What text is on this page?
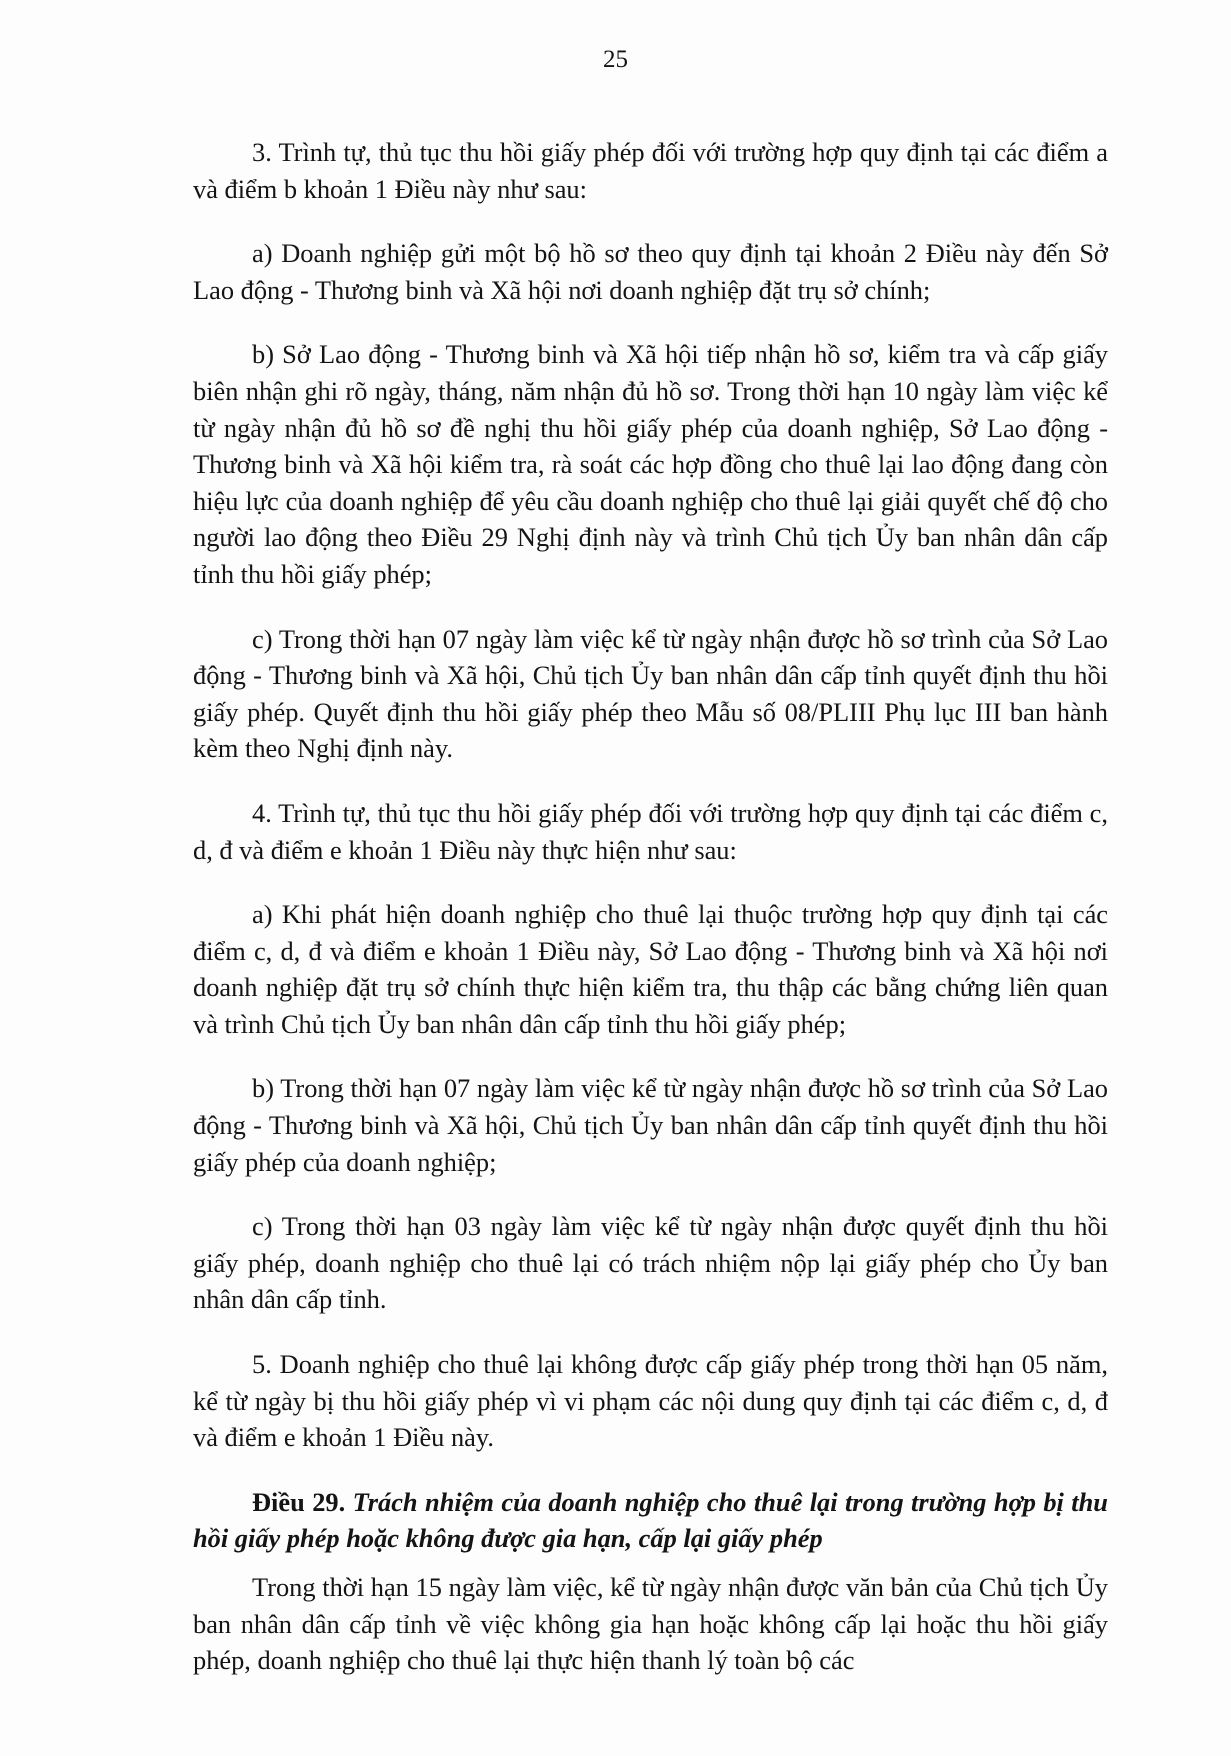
25

3. Trình tự, thủ tục thu hồi giấy phép đối với trường hợp quy định tại các điểm a và điểm b khoản 1 Điều này như sau:

a) Doanh nghiệp gửi một bộ hồ sơ theo quy định tại khoản 2 Điều này đến Sở Lao động - Thương binh và Xã hội nơi doanh nghiệp đặt trụ sở chính;

b) Sở Lao động - Thương binh và Xã hội tiếp nhận hồ sơ, kiểm tra và cấp giấy biên nhận ghi rõ ngày, tháng, năm nhận đủ hồ sơ. Trong thời hạn 10 ngày làm việc kể từ ngày nhận đủ hồ sơ đề nghị thu hồi giấy phép của doanh nghiệp, Sở Lao động - Thương binh và Xã hội kiểm tra, rà soát các hợp đồng cho thuê lại lao động đang còn hiệu lực của doanh nghiệp để yêu cầu doanh nghiệp cho thuê lại giải quyết chế độ cho người lao động theo Điều 29 Nghị định này và trình Chủ tịch Ủy ban nhân dân cấp tỉnh thu hồi giấy phép;

c) Trong thời hạn 07 ngày làm việc kể từ ngày nhận được hồ sơ trình của Sở Lao động - Thương binh và Xã hội, Chủ tịch Ủy ban nhân dân cấp tỉnh quyết định thu hồi giấy phép. Quyết định thu hồi giấy phép theo Mẫu số 08/PLIII Phụ lục III ban hành kèm theo Nghị định này.

4. Trình tự, thủ tục thu hồi giấy phép đối với trường hợp quy định tại các điểm c, d, đ và điểm e khoản 1 Điều này thực hiện như sau:

a) Khi phát hiện doanh nghiệp cho thuê lại thuộc trường hợp quy định tại các điểm c, d, đ và điểm e khoản 1 Điều này, Sở Lao động - Thương binh và Xã hội nơi doanh nghiệp đặt trụ sở chính thực hiện kiểm tra, thu thập các bằng chứng liên quan và trình Chủ tịch Ủy ban nhân dân cấp tỉnh thu hồi giấy phép;

b) Trong thời hạn 07 ngày làm việc kể từ ngày nhận được hồ sơ trình của Sở Lao động - Thương binh và Xã hội, Chủ tịch Ủy ban nhân dân cấp tỉnh quyết định thu hồi giấy phép của doanh nghiệp;

c) Trong thời hạn 03 ngày làm việc kể từ ngày nhận được quyết định thu hồi giấy phép, doanh nghiệp cho thuê lại có trách nhiệm nộp lại giấy phép cho Ủy ban nhân dân cấp tỉnh.

5. Doanh nghiệp cho thuê lại không được cấp giấy phép trong thời hạn 05 năm, kể từ ngày bị thu hồi giấy phép vì vi phạm các nội dung quy định tại các điểm c, d, đ và điểm e khoản 1 Điều này.

Điều 29. Trách nhiệm của doanh nghiệp cho thuê lại trong trường hợp bị thu hồi giấy phép hoặc không được gia hạn, cấp lại giấy phép

Trong thời hạn 15 ngày làm việc, kể từ ngày nhận được văn bản của Chủ tịch Ủy ban nhân dân cấp tỉnh về việc không gia hạn hoặc không cấp lại hoặc thu hồi giấy phép, doanh nghiệp cho thuê lại thực hiện thanh lý toàn bộ các
